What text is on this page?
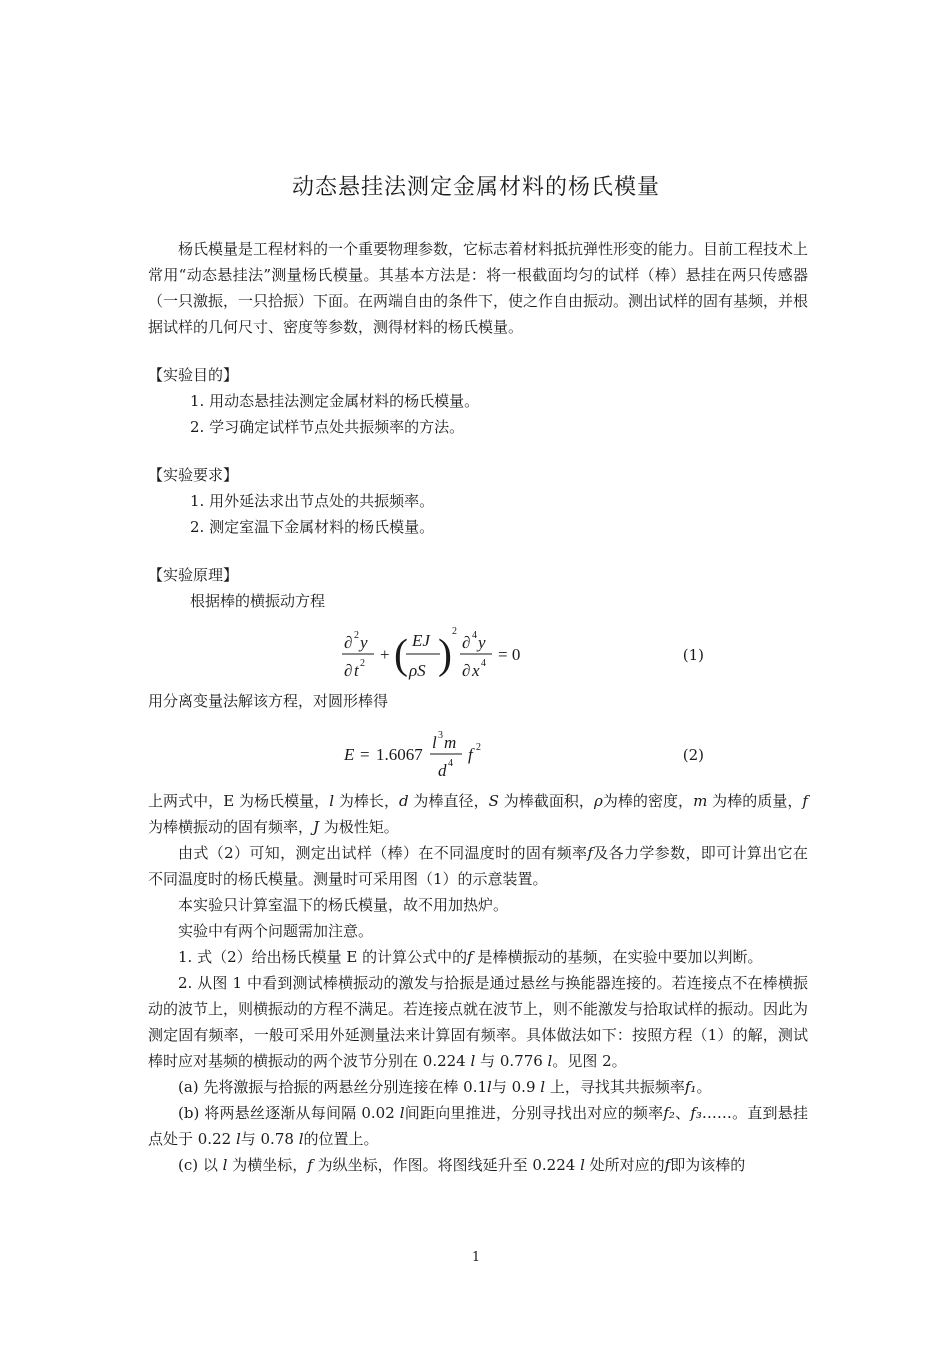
动态悬挂法测定金属材料的杨氏模量

杨氏模量是工程材料的一个重要物理参数，它标志着材料抵抗弹性形变的能力。目前工程技术上常用“动态悬挂法”测量杨氏模量。其基本方法是：将一根截面均匀的试样（棒）悬挂在两只传感器（一只激振，一只拾振）下面。在两端自由的条件下，使之作自由振动。测出试样的固有基频，并根据试样的几何尺寸、密度等参数，测得材料的杨氏模量。

【实验目的】

1. 用动态悬挂法测定金属材料的杨氏模量。

2. 学习确定试样节点处共振频率的方法。

【实验要求】

1. 用外延法求出节点处的共振频率。

2. 测定室温下金属材料的杨氏模量。

【实验原理】

根据棒的横振动方程

∂ 2 y
∂ t 2 + ( EJ
ρS )
2
∂ 4 y
∂ x 4 = 0	(1)

用分离变量法解该方程，对圆形棒得

E = 1.6067
l 3 m
d 4 f 2	(2)

上两式中，E 为杨氏模量，l 为棒长，d 为棒直径，S 为棒截面积，ρ为棒的密度，m 为棒的质量，f 为棒横振动的固有频率，J 为极性矩。

由式（2）可知，测定出试样（棒）在不同温度时的固有频率f及各力学参数，即可计算出它在不同温度时的杨氏模量。测量时可采用图（1）的示意装置。

本实验只计算室温下的杨氏模量，故不用加热炉。

实验中有两个问题需加注意。

1. 式（2）给出杨氏模量 E 的计算公式中的f 是棒横振动的基频，在实验中要加以判断。

2. 从图 1 中看到测试棒横振动的激发与拾振是通过悬丝与换能器连接的。若连接点不在棒横振动的波节上，则横振动的方程不满足。若连接点就在波节上，则不能激发与拾取试样的振动。因此为测定固有频率，一般可采用外延测量法来计算固有频率。具体做法如下：按照方程（1）的解，测试棒时应对基频的横振动的两个波节分别在 0.224 l 与 0.776 l。见图 2。

(a) 先将激振与拾振的两悬丝分别连接在棒 0.1l与 0.9 l 上，寻找其共振频率f₁。

(b) 将两悬丝逐渐从每间隔 0.02 l间距向里推进，分别寻找出对应的频率f₂、f₃……。直到悬挂点处于 0.22 l与 0.78 l的位置上。

(c) 以 l 为横坐标，f 为纵坐标，作图。将图线延升至 0.224 l 处所对应的f即为该棒的

1
